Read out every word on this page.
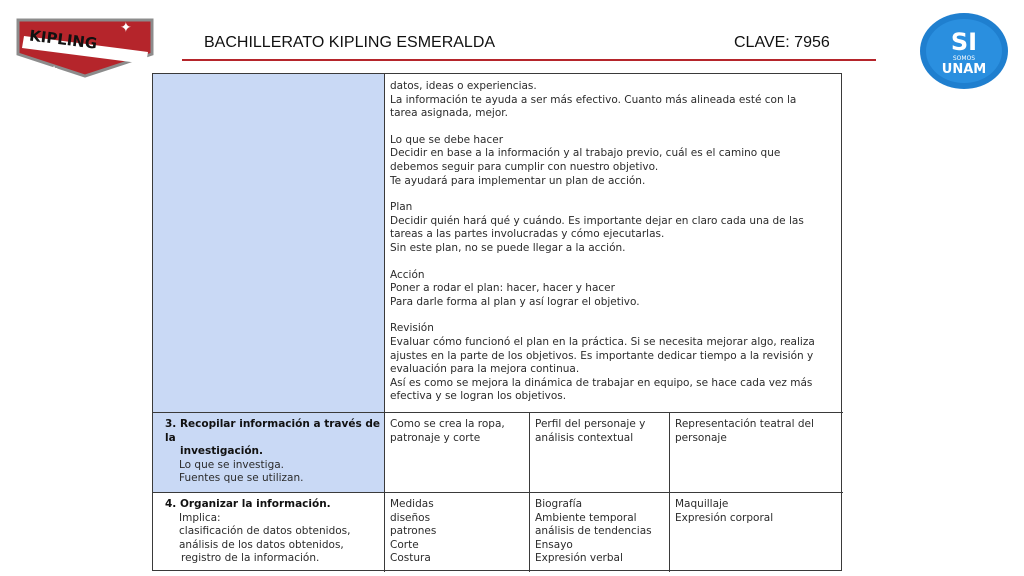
KIPLING ✦
★
SI
SOMOS
UNAM
BACHILLERATO KIPLING ESMERALDA	CLAVE: 7956
datos, ideas o experiencias.
La información te ayuda a ser más efectivo. Cuanto más alineada esté con la
tarea asignada, mejor.
Lo que se debe hacer
Decidir en base a la información y al trabajo previo, cuál es el camino que
debemos seguir para cumplir con nuestro objetivo.
Te ayudará para implementar un plan de acción.
Plan
Decidir quién hará qué y cuándo. Es importante dejar en claro cada una de las
tareas a las partes involucradas y cómo ejecutarlas.
Sin este plan, no se puede llegar a la acción.
Acción
Poner a rodar el plan: hacer, hacer y hacer
Para darle forma al plan y así lograr el objetivo.
Revisión
Evaluar cómo funcionó el plan en la práctica. Si se necesita mejorar algo, realiza
ajustes en la parte de los objetivos. Es importante dedicar tiempo a la revisión y
evaluación para la mejora continua.
Así es como se mejora la dinámica de trabajar en equipo, se hace cada vez más
efectiva y se logran los objetivos.
3. Recopilar información a través de la
investigación.
Lo que se investiga.
Fuentes que se utilizan.
Como se crea la ropa,
patronaje y corte
Perfil del personaje y
análisis contextual
Representación teatral del
personaje
4. Organizar la información.
Implica:
clasificación de datos obtenidos,
análisis de los datos obtenidos,
registro de la información.
Medidas
diseños
patrones
Corte
Costura
Biografía
Ambiente temporal
análisis de tendencias
Ensayo
Expresión verbal
Maquillaje
Expresión corporal
